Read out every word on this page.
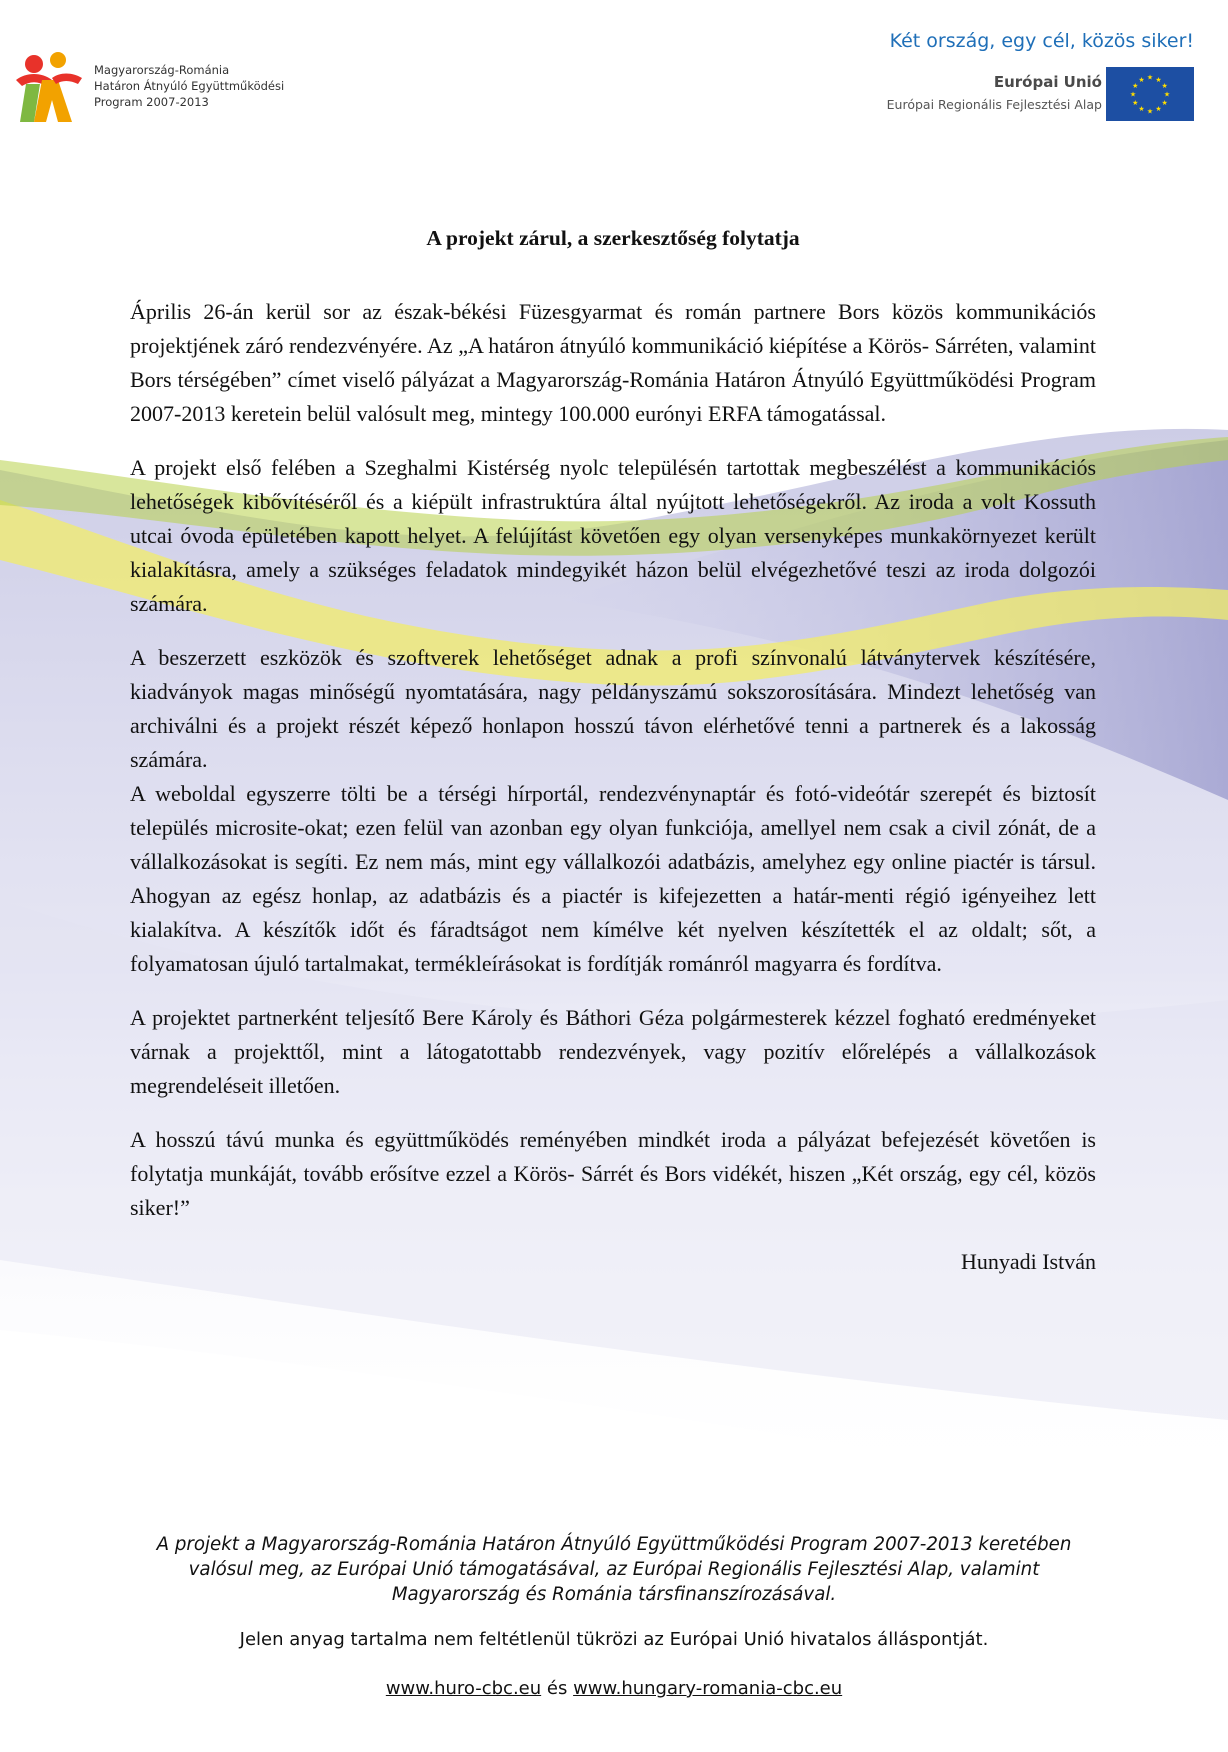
Magyarország-Románia
Határon Átnyúló Együttműködési
Program 2007-2013
Két ország, egy cél, közös siker!
Európai Unió
Európai Regionális Fejlesztési Alap
★ ★
★
★
★
★
★
★
★
★
★
★
A projekt zárul, a szerkesztőség folytatja

Április 26-án kerül sor az észak-békési Füzesgyarmat és román partnere Bors közös kommunikációs projektjének záró rendezvényére. Az „A határon átnyúló kommunikáció kiépítése a Körös- Sárréten, valamint Bors térségében” címet viselő pályázat a Magyarország-Románia Határon Átnyúló Együttműködési Program 2007-2013 keretein belül valósult meg, mintegy 100.000 eurónyi ERFA támogatással.

A projekt első felében a Szeghalmi Kistérség nyolc településén tartottak megbeszélést a kommunikációs lehetőségek kibővítéséről és a kiépült infrastruktúra által nyújtott lehetőségekről. Az iroda a volt Kossuth utcai óvoda épületében kapott helyet. A felújítást követően egy olyan versenyképes munkakörnyezet került kialakításra, amely a szükséges feladatok mindegyikét házon belül elvégezhetővé teszi az iroda dolgozói számára.

A beszerzett eszközök és szoftverek lehetőséget adnak a profi színvonalú látványtervek készítésére, kiadványok magas minőségű nyomtatására, nagy példányszámú sokszorosítására. Mindezt lehetőség van archiválni és a projekt részét képező honlapon hosszú távon elérhetővé tenni a partnerek és a lakosság számára.

A weboldal egyszerre tölti be a térségi hírportál, rendezvénynaptár és fotó-videótár szerepét és biztosít település microsite-okat; ezen felül van azonban egy olyan funkciója, amellyel nem csak a civil zónát, de a vállalkozásokat is segíti. Ez nem más, mint egy vállalkozói adatbázis, amelyhez egy online piactér is társul. Ahogyan az egész honlap, az adatbázis és a piactér is kifejezetten a határ-menti régió igényeihez lett kialakítva. A készítők időt és fáradtságot nem kímélve két nyelven készítették el az oldalt; sőt, a folyamatosan újuló tartalmakat, termékleírásokat is fordítják románról magyarra és fordítva.

A projektet partnerként teljesítő Bere Károly és Báthori Géza polgármesterek kézzel fogható eredményeket várnak a projekttől, mint a látogatottabb rendezvények, vagy pozitív előrelépés a vállalkozások megrendeléseit illetően.

A hosszú távú munka és együttműködés reményében mindkét iroda a pályázat befejezését követően is folytatja munkáját, tovább erősítve ezzel a Körös- Sárrét és Bors vidékét, hiszen „Két ország, egy cél, közös siker!”

Hunyadi István
A projekt a Magyarország-Románia Határon Átnyúló Együttműködési Program 2007-2013 keretében valósul meg, az Európai Unió támogatásával, az Európai Regionális Fejlesztési Alap, valamint Magyarország és Románia társfinanszírozásával.
Jelen anyag tartalma nem feltétlenül tükrözi az Európai Unió hivatalos álláspontját.
www.huro-cbc.eu és www.hungary-romania-cbc.eu
